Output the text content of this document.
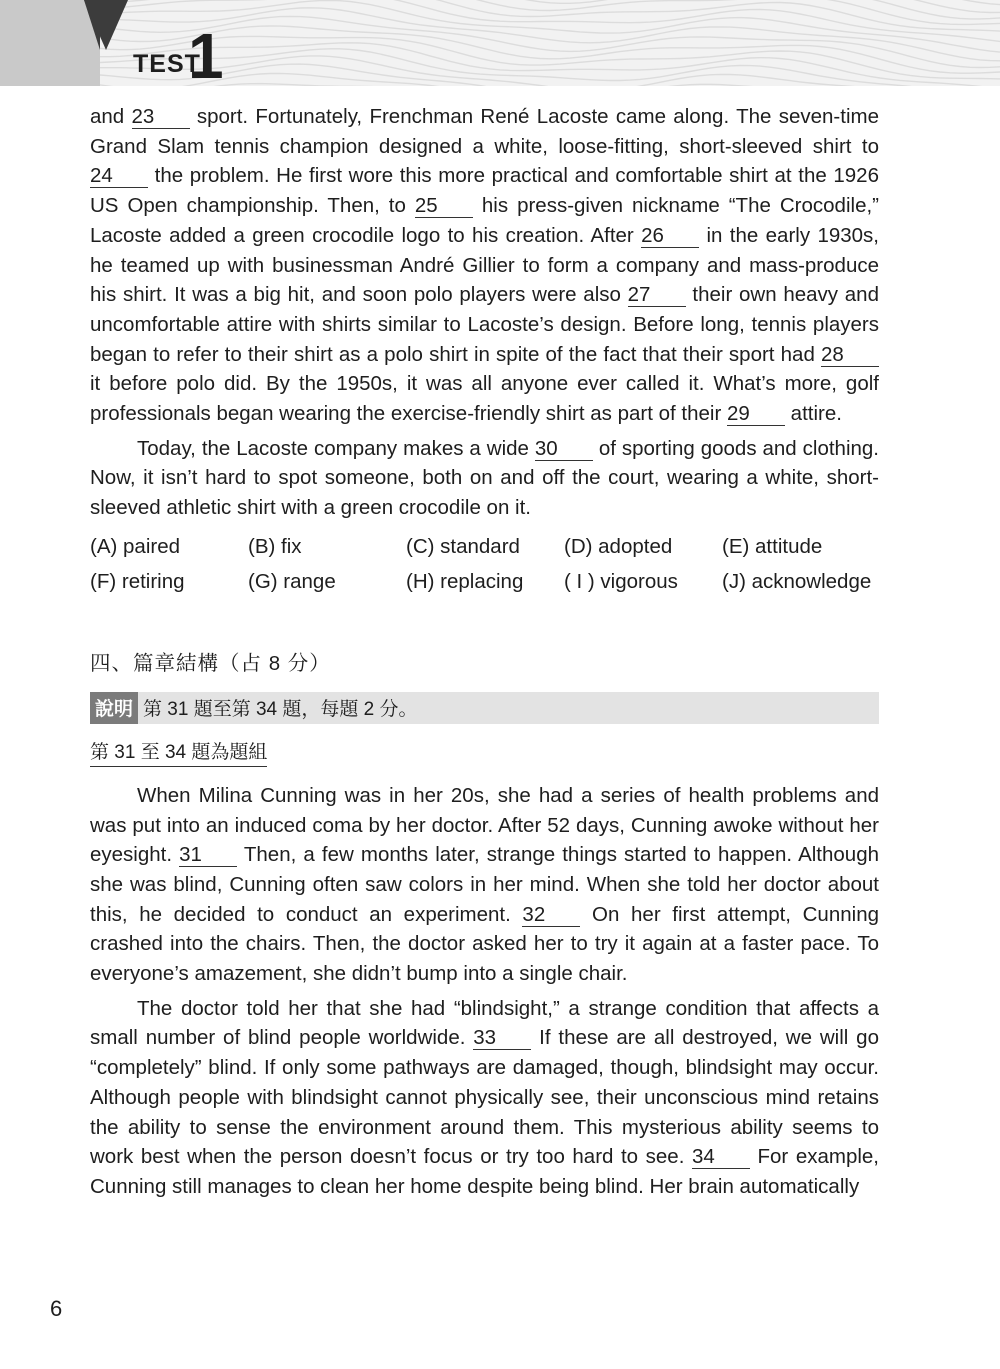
TEST
1

and 23 sport. Fortunately, Frenchman René Lacoste came along. The seven-time Grand Slam tennis champion designed a white, loose-fitting, short-sleeved shirt to 24 the problem. He first wore this more practical and comfortable shirt at the 1926 US Open championship. Then, to 25 his press-given nickname “The Crocodile,” Lacoste added a green crocodile logo to his creation. After 26 in the early 1930s, he teamed up with businessman André Gillier to form a company and mass-produce his shirt. It was a big hit, and soon polo players were also 27 their own heavy and uncomfortable attire with shirts similar to Lacoste’s design. Before long, tennis players began to refer to their shirt as a polo shirt in spite of the fact that their sport had 28 it before polo did. By the 1950s, it was all anyone ever called it. What’s more, golf professionals began wearing the exercise-friendly shirt as part of their 29 attire.

Today, the Lacoste company makes a wide 30 of sporting goods and clothing. Now, it isn’t hard to spot someone, both on and off the court, wearing a white, short-sleeved athletic shirt with a green crocodile on it.

(A) paired	(B) fix	(C) standard	(D) adopted	(E) attitude
(F) retiring	(G) range	(H) replacing	( I ) vigorous	(J) acknowledge
四、篇章結構（占 8 分）
說明 第 31 題至第 34 題，每題 2 分。
第 31 至 34 題為題組

When Milina Cunning was in her 20s, she had a series of health problems and was put into an induced coma by her doctor. After 52 days, Cunning awoke without her eyesight. 31 Then, a few months later, strange things started to happen. Although she was blind, Cunning often saw colors in her mind. When she told her doctor about this, he decided to conduct an experiment. 32 On her first attempt, Cunning crashed into the chairs. Then, the doctor asked her to try it again at a faster pace. To everyone’s amazement, she didn’t bump into a single chair.

The doctor told her that she had “blindsight,” a strange condition that affects a small number of blind people worldwide. 33 If these are all destroyed, we will go “completely” blind. If only some pathways are damaged, though, blindsight may occur. Although people with blindsight cannot physically see, their unconscious mind retains the ability to sense the environment around them. This mysterious ability seems to work best when the person doesn’t focus or try too hard to see. 34 For example, Cunning still manages to clean her home despite being blind. Her brain automatically

6
